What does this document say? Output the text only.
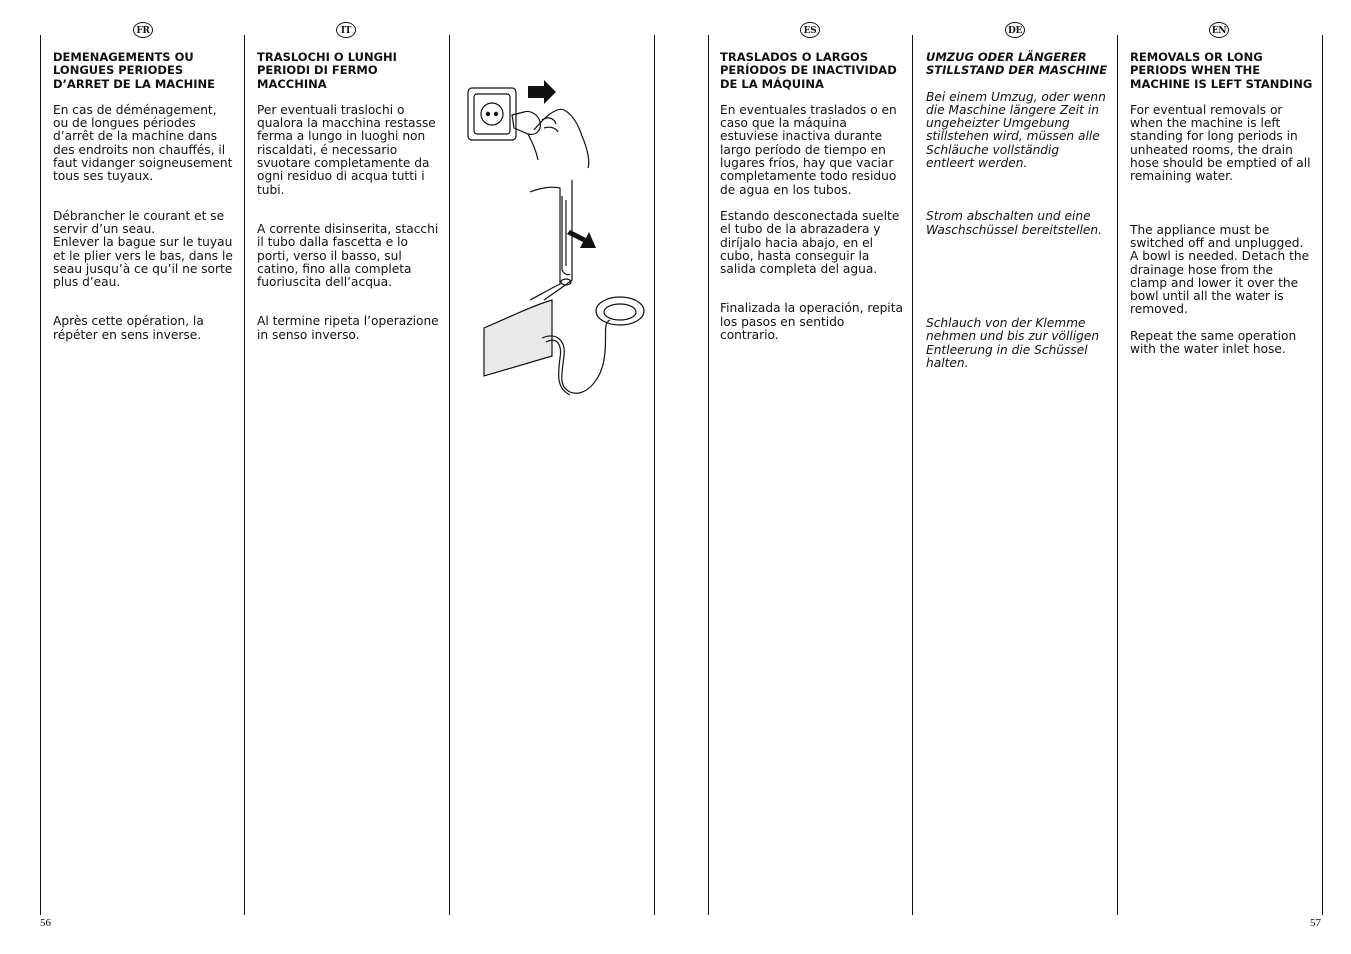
FR	IT	ES	DE	EN
DEMENAGEMENTS OU LONGUES PERIODES D’ARRET DE LA MACHINE

En cas de déménagement, ou de longues périodes d’arrêt de la machine dans des endroits non chauffés, il faut vidanger soigneusement tous ses tuyaux.

Débrancher le courant et se servir d’un seau.

Enlever la bague sur le tuyau et le plier vers le bas, dans le seau jusqu’à ce qu’il ne sorte plus d’eau.

Après cette opération, la répéter en sens inverse.

TRASLOCHI O LUNGHI PERIODI DI FERMO MACCHINA

Per eventuali traslochi o qualora la macchina restasse ferma a lungo in luoghi non riscaldati, é necessario svuotare completamente da ogni residuo di acqua tutti i tubi.

A corrente disinserita, stacchi il tubo dalla fascetta e lo porti, verso il basso, sul catino, fino alla completa fuoriuscita dell’acqua.

Al termine ripeta l’operazione in senso inverso.

TRASLADOS O LARGOS PERÍODOS DE INACTIVIDAD DE LA MÁQUINA

En eventuales traslados o en caso que la máquina estuviese inactiva durante largo período de tiempo en lugares fríos, hay que vaciar completamente todo residuo de agua en los tubos.

Estando desconectada suelte el tubo de la abrazadera y diríjalo hacia abajo, en el cubo, hasta conseguir la salida completa del agua.

Finalizada la operación, repita los pasos en sentido contrario.

UMZUG ODER LÄNGERER STILLSTAND DER MASCHINE

Bei einem Umzug, oder wenn die Maschine längere Zeit in ungeheizter Umgebung stillstehen wird, müssen alle Schläuche vollständig entleert werden.

Strom abschalten und eine Waschschüssel bereitstellen.

Schlauch von der Klemme nehmen und bis zur völligen Entleerung in die Schüssel halten.

REMOVALS OR LONG PERIODS WHEN THE MACHINE IS LEFT STANDING

For eventual removals or when the machine is left standing for long periods in unheated rooms, the drain hose should be emptied of all remaining water.

The appliance must be switched off and unplugged. A bowl is needed. Detach the drainage hose from the clamp and lower it over the bowl until all the water is removed.

Repeat the same operation with the water inlet hose.

56	57
